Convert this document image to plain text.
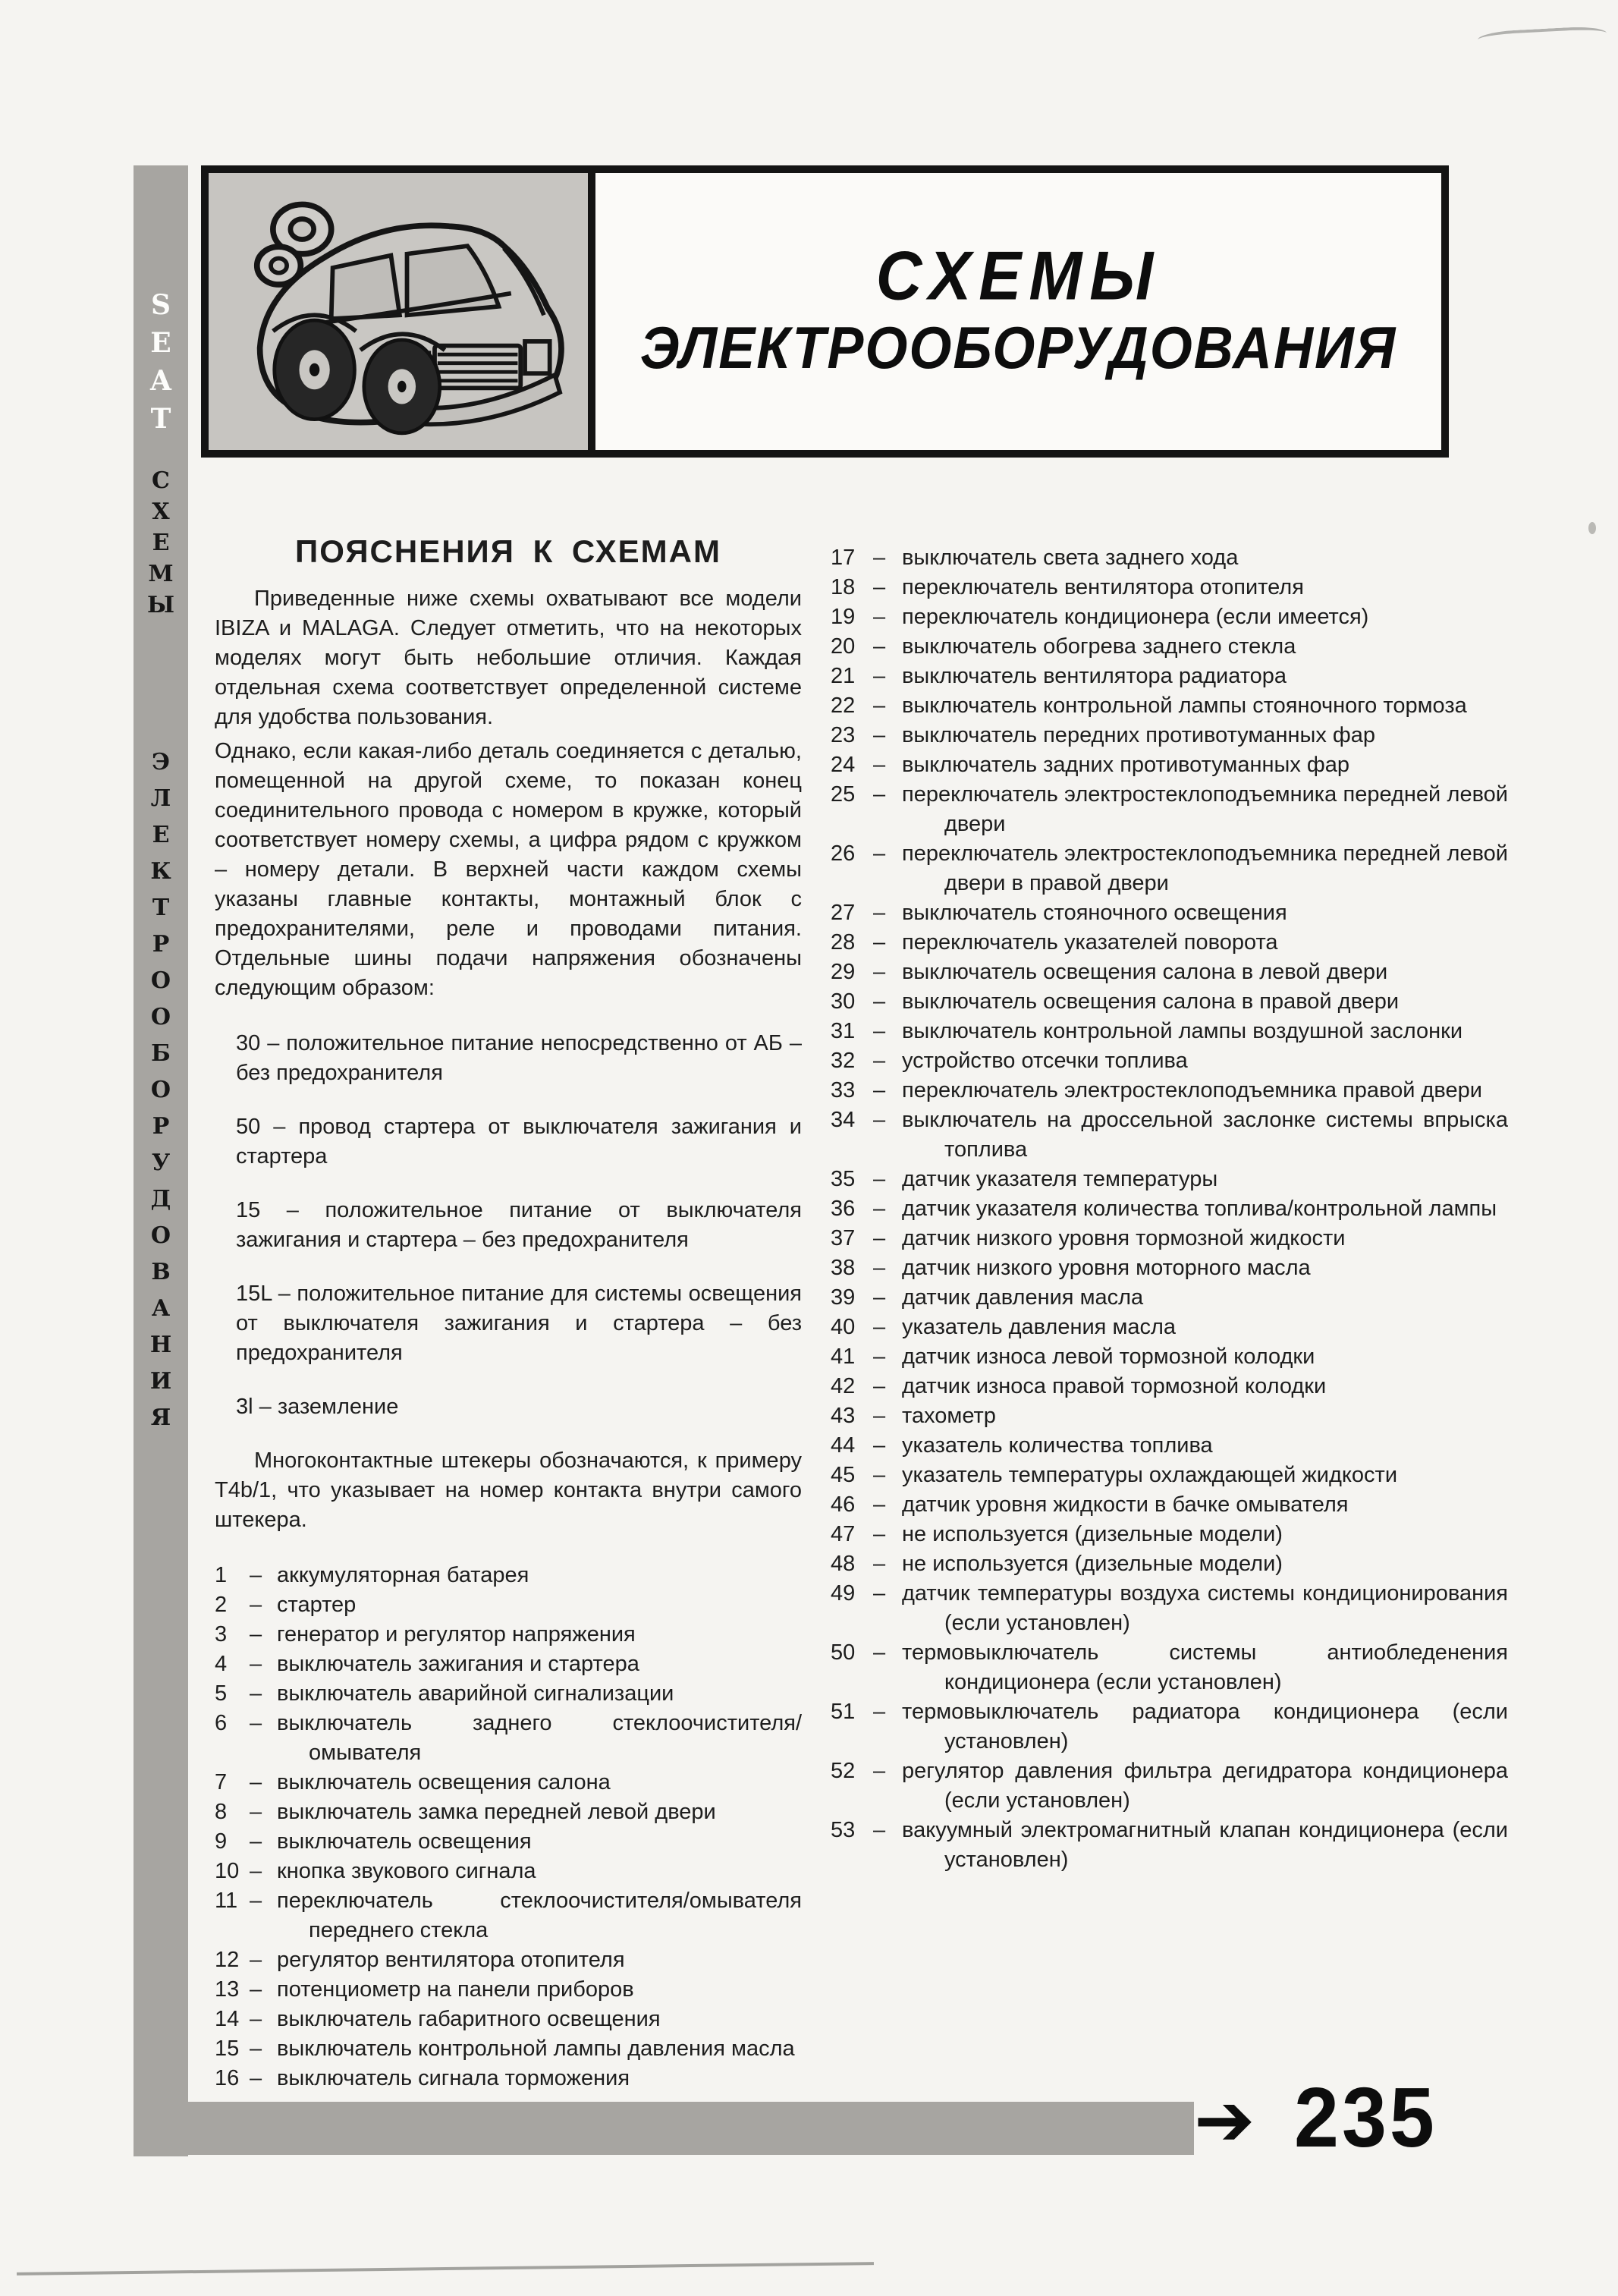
S
E
A
T
С
Х
Е
М
Ы
Э
Л
Е
К
Т
Р
О
О
Б
О
Р
У
Д
О
В
А
Н
И
Я
СХЕМЫ
ЭЛЕКТРООБОРУДОВАНИЯ
ПОЯСНЕНИЯ К СХЕМАМ

Приведенные ниже схемы охватывают все модели IBIZA и MALAGA. Следует отметить, что на некоторых моделях могут быть небольшие отличия. Каждая отдельная схема соответствует определенной системе для удобства пользования.

Однако, если какая-либо деталь соединяется с деталью, помещенной на другой схеме, то показан конец соединительного провода с номером в кружке, который соответствует номеру схемы, а цифра рядом с кружком – номеру детали. В верхней части каждом схемы указаны главные контакты, монтажный блок с предохранителями, реле и проводами питания. Отдельные шины подачи напряжения обозначены следующим образом:

30 – положительное питание непосредственно от АБ – без предохранителя

50 – провод стартера от выключателя зажигания и стартера

15 – положительное питание от выключателя зажигания и стартера – без предохранителя

15L – положительное питание для системы освещения от выключателя зажигания и стартера – без предохранителя

3l – заземление

Многоконтактные штекеры обозначаются, к примеру T4b/1, что указывает на номер контакта внутри самого штекера.

1	– аккумуляторная батарея
2	– стартер
3	– генератор и регулятор напряжения
4	– выключатель зажигания и стартера
5	– выключатель аварийной сигнализации
6	– выключатель заднего стеклоочистителя/омывателя
7	– выключатель освещения салона
8	– выключатель замка передней левой двери
9	– выключатель освещения
10 – кнопка звукового сигнала
11 – переключатель стеклоочистителя/омывателя переднего стекла
12 – регулятор вентилятора отопителя
13 – потенциометр на панели приборов
14 – выключатель габаритного освещения
15 – выключатель контрольной лампы давления масла
16 – выключатель сигнала торможения
17 – выключатель света заднего хода
18 – переключатель вентилятора отопителя
19 – переключатель кондиционера (если имеется)
20 – выключатель обогрева заднего стекла
21 – выключатель вентилятора радиатора
22 – выключатель контрольной лампы стояночного тормоза
23 – выключатель передних противотуманных фар
24 – выключатель задних противотуманных фар
25 – переключатель электростеклоподъемника передней левой двери
26 – переключатель электростеклоподъемника передней левой двери в правой двери
27 – выключатель стояночного освещения
28 – переключатель указателей поворота
29 – выключатель освещения салона в левой двери
30 – выключатель освещения салона в правой двери
31 – выключатель контрольной лампы воздушной заслонки
32 – устройство отсечки топлива
33 – переключатель электростеклоподъемника правой двери
34 – выключатель на дроссельной заслонке системы впрыска топлива
35 – датчик указателя температуры
36 – датчик указателя количества топлива/контрольной лампы
37 – датчик низкого уровня тормозной жидкости
38 – датчик низкого уровня моторного масла
39 – датчик давления масла
40 – указатель давления масла
41 – датчик износа левой тормозной колодки
42 – датчик износа правой тормозной колодки
43 – тахометр
44 – указатель количества топлива
45 – указатель температуры охлаждающей жидкости
46 – датчик уровня жидкости в бачке омывателя
47 – не используется (дизельные модели)
48 – не используется (дизельные модели)
49 – датчик температуры воздуха системы кондиционирования (если установлен)
50 – термовыключатель системы антиобледенения кондиционера (если установлен)
51 – термовыключатель радиатора кондиционера (если установлен)
52 – регулятор давления фильтра дегидратора кондиционера (если установлен)
53 – вакуумный электромагнитный клапан кондиционера (если установлен)
➔ 235
